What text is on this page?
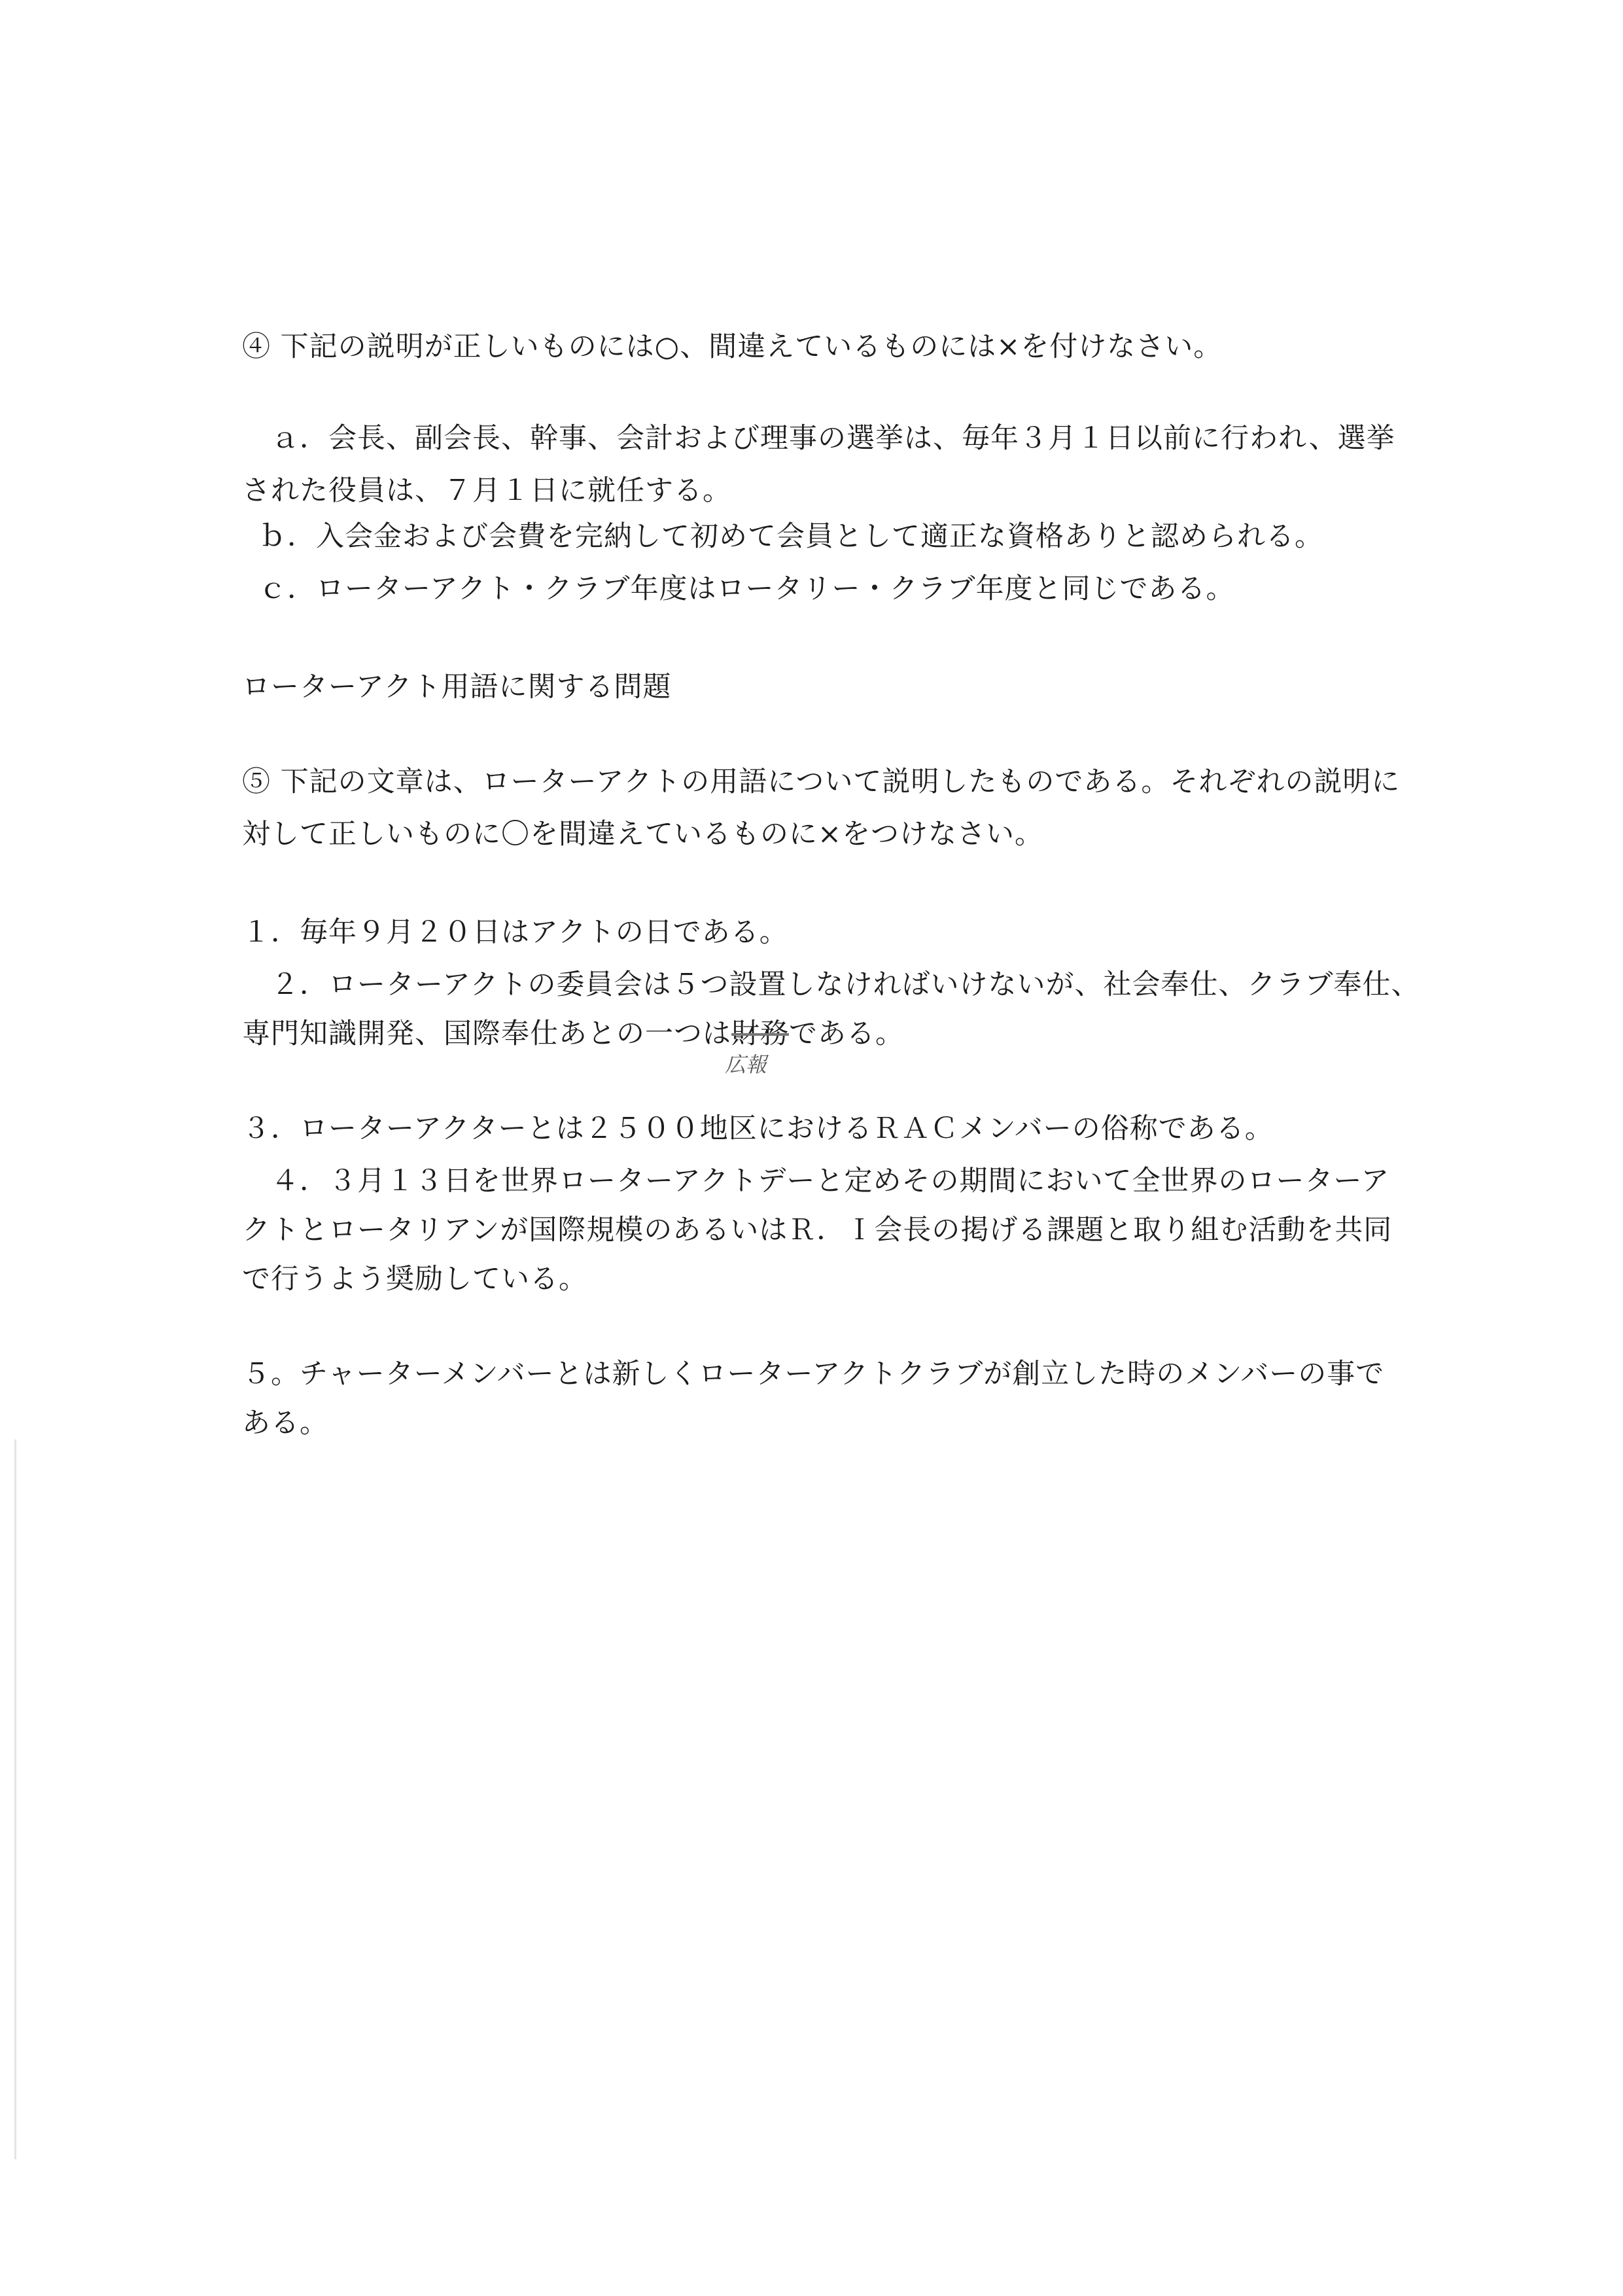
④ 下記の説明が正しいものには○、間違えているものには×を付けなさい。
　ａ．会長、副会長、幹事、会計および理事の選挙は、毎年３月１日以前に行われ、選挙
された役員は、７月１日に就任する。
ｂ．入会金および会費を完納して初めて会員として適正な資格ありと認められる。
ｃ．ローターアクト・クラブ年度はロータリー・クラブ年度と同じである。
ローターアクト用語に関する問題
⑤ 下記の文章は、ローターアクトの用語について説明したものである。それぞれの説明に
対して正しいものに〇を間違えているものに×をつけなさい。
１．毎年９月２０日はアクトの日である。
　２．ローターアクトの委員会は５つ設置しなければいけないが、社会奉仕、クラブ奉仕、
専門知識開発、国際奉仕あとの一つは財務である。
広報
３．ローターアクターとは２５００地区におけるＲＡＣメンバーの俗称である。
　４．３月１３日を世界ローターアクトデーと定めその期間において全世界のローターア
クトとロータリアンが国際規模のあるいはＲ．Ｉ会長の掲げる課題と取り組む活動を共同
で行うよう奨励している。
５。チャーターメンバーとは新しくローターアクトクラブが創立した時のメンバーの事で
ある。
